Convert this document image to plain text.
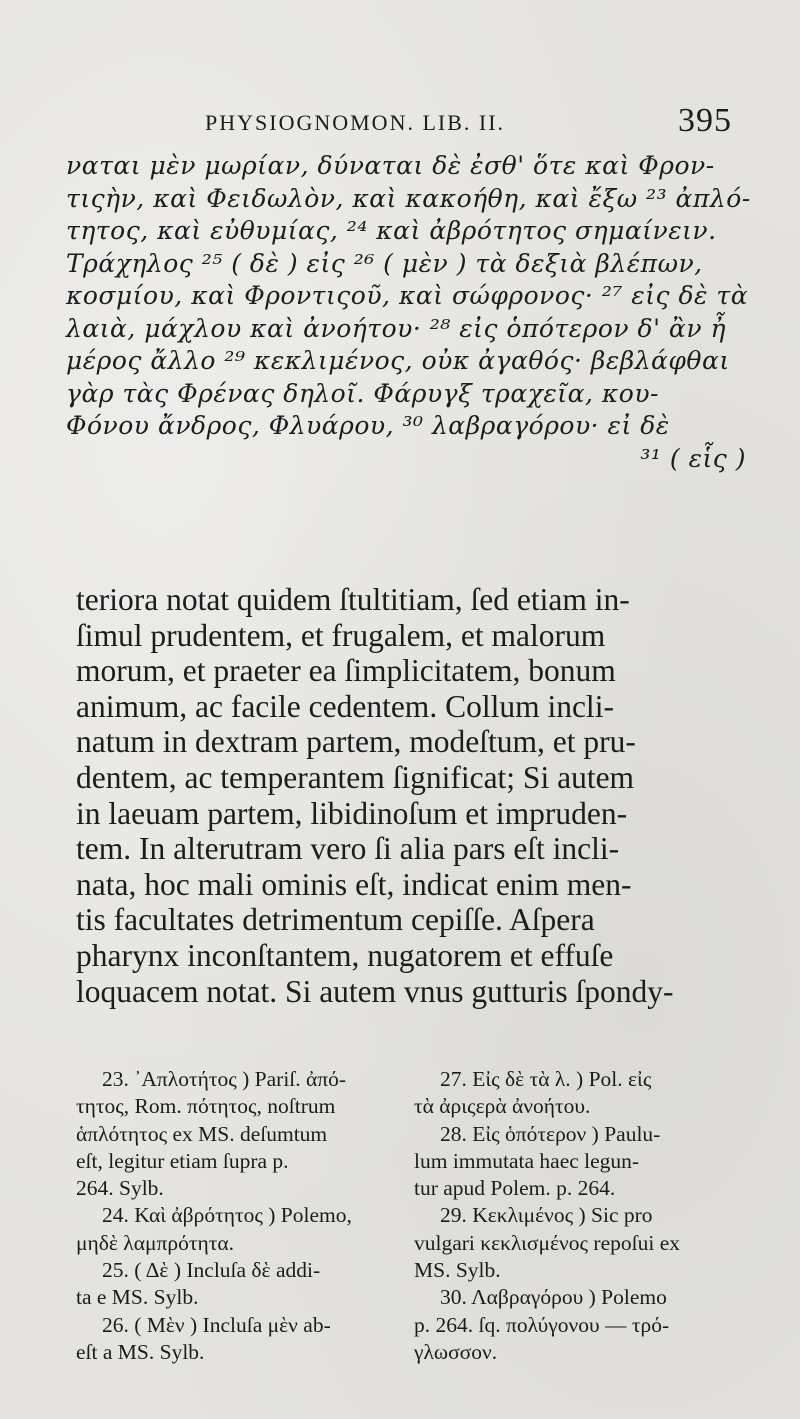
PHYSIOGNOMON. LIB. II.	395
ναται μὲν μωρίαν, δύναται δὲ ἐσθ' ὅτε καὶ Φρον-
τιςὴν, καὶ Φειδωλὸν, καὶ κακοήθη, καὶ ἔξω ²³ ἀπλό-
τητος, καὶ εὐθυμίας, ²⁴ καὶ ἀβρότητος σημαίνειν.
Τράχηλος ²⁵ ( δὲ ) εἰς ²⁶ ( μὲν ) τὰ δεξιὰ βλέπων,
κοσμίου, καὶ Φροντιςοῦ, καὶ σώφρονος· ²⁷ εἰς δὲ τὰ
λαιὰ, μάχλου καὶ ἀνοήτου· ²⁸ εἰς ὁπότερον δ' ἂν ἦ
μέρος ἄλλο ²⁹ κεκλιμένος, οὐκ ἀγαθός· βεβλάφθαι
γὰρ τὰς Φρένας δηλοῖ. Φάρυγξ τραχεῖα, κου-
Φόνου ἄνδρος, Φλυάρου, ³⁰ λαβραγόρου· εἰ δὲ
³¹ ( εἷς )
teriora notat quidem ſtultitiam, ſed etiam in-
ſimul prudentem, et frugalem, et malorum
morum, et praeter ea ſimplicitatem, bonum
animum, ac facile cedentem. Collum incli-
natum in dextram partem, modeſtum, et pru-
dentem, ac temperantem ſignificat; Si autem
in laeuam partem, libidinoſum et impruden-
tem. In alterutram vero ſi alia pars eſt incli-
nata, hoc mali ominis eſt, indicat enim men-
tis facultates detrimentum cepiſſe. Aſpera
pharynx inconſtantem, nugatorem et effuſe
loquacem notat. Si autem vnus gutturis ſpondy-
23. ᾽Απλοτήτος ) Pariſ. ἀπό-
τητος, Rom. πότητος, noſtrum
ἁπλότητος ex MS. deſumtum
eſt, legitur etiam ſupra p.
264. Sylb.
24. Καὶ ἀβρότητος ) Polemo,
μηδὲ λαμπρότητα.
25. ( Δὲ ) Incluſa δὲ addi-
ta e MS. Sylb.
26. ( Μὲν ) Incluſa μὲν ab-
eſt a MS. Sylb.
27. Εἰς δὲ τὰ λ. ) Pol. εἰς
τὰ ἀριςερὰ ἀνοήτου.
28. Εἰς ὁπότερον ) Paulu-
lum immutata haec legun-
tur apud Polem. p. 264.
29. Κεκλιμένος ) Sic pro
vulgari κεκλισμένος repoſui ex
MS. Sylb.
30. Λαβραγόρου ) Polemo
p. 264. ſq. πολύγονου — τρό-
γλωσσον.
